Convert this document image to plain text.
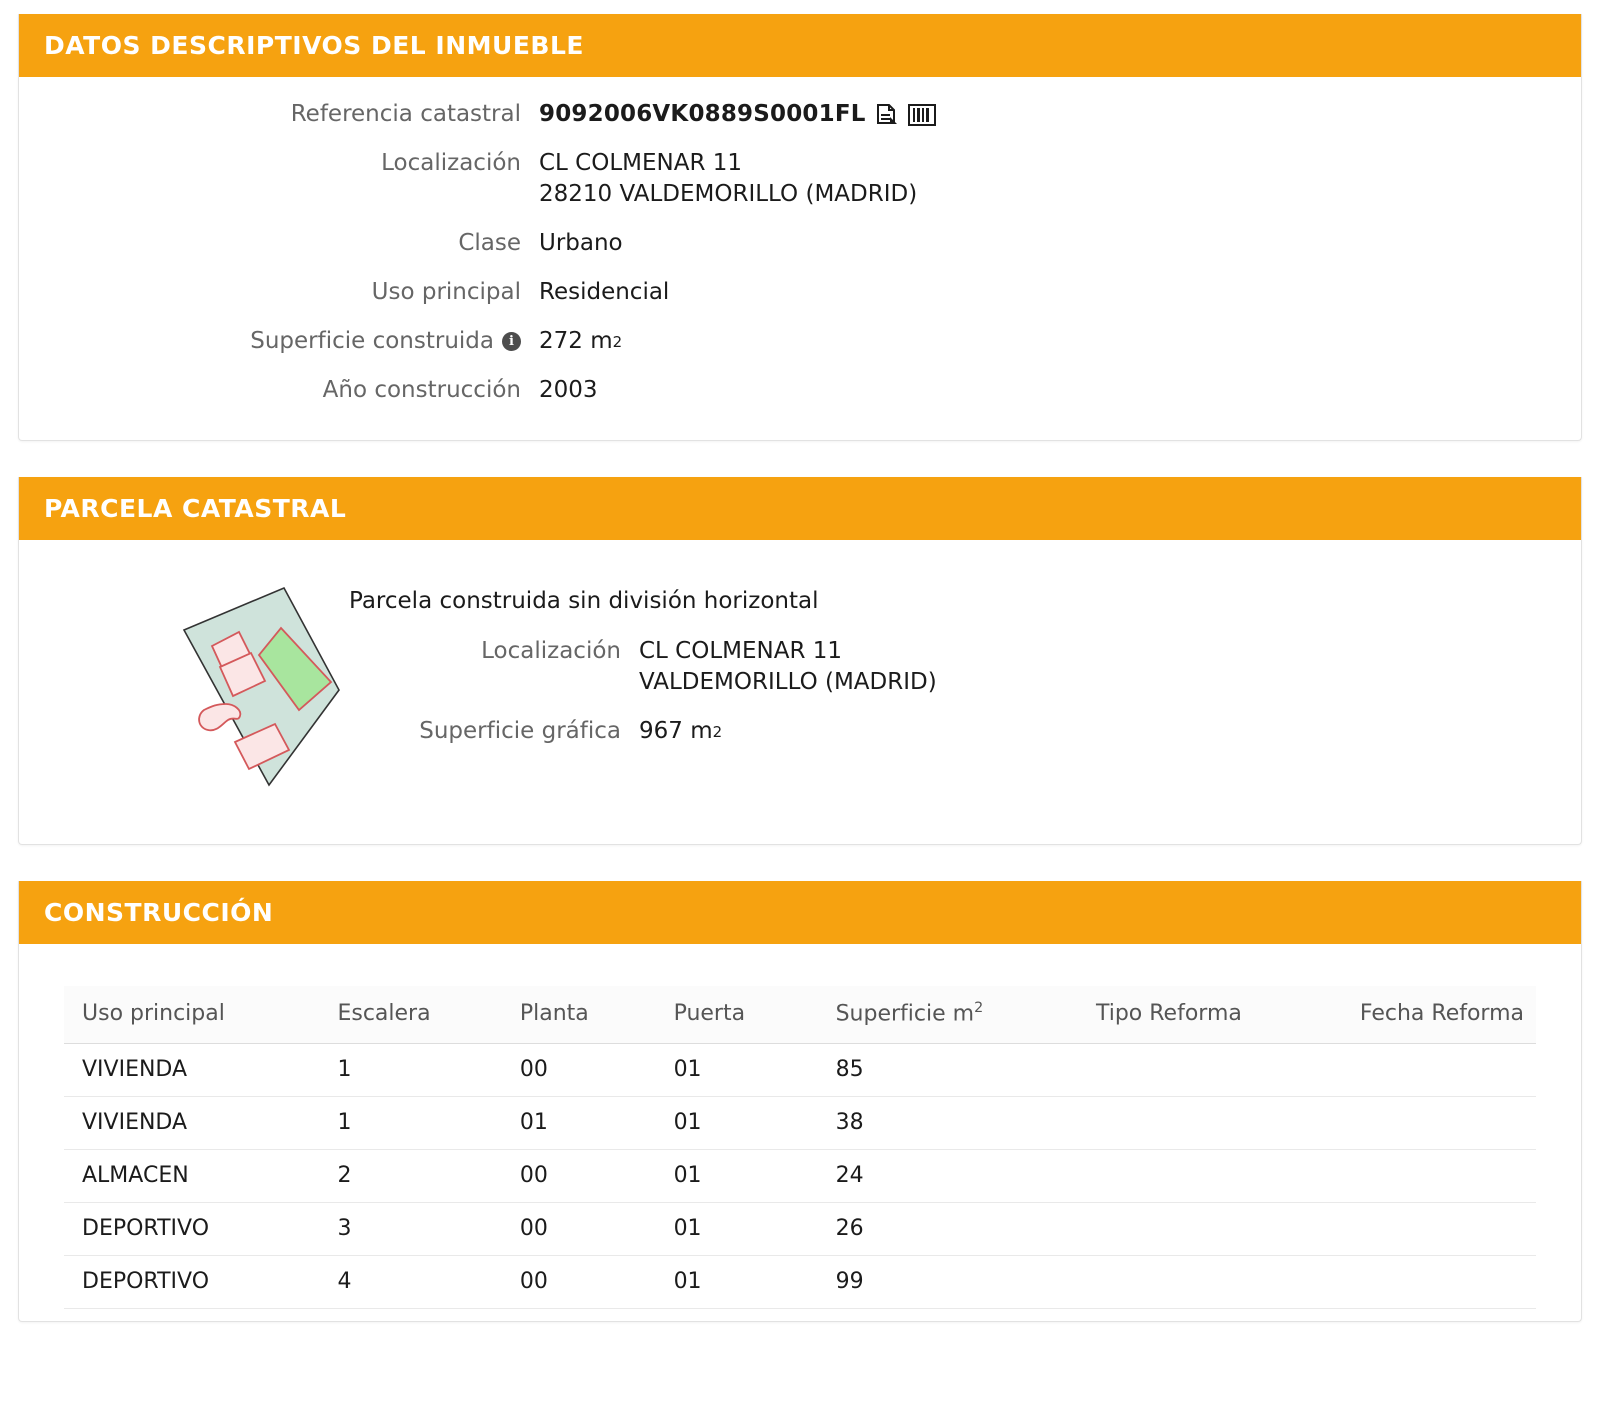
DATOS DESCRIPTIVOS DEL INMUEBLE
Referencia catastral 9092006VK0889S0001FL
Localización CL COLMENAR 11
28210 VALDEMORILLO (MADRID)
Clase Urbano
Uso principal Residencial
Superficie construida i	272 m 2
Año construcción 2003
PARCELA CATASTRAL
Parcela construida sin división horizontal
Localización CL COLMENAR 11
VALDEMORILLO (MADRID)
Superficie gráfica 967 m 2
CONSTRUCCIÓN
Uso principal	Escalera	Planta	Puerta	Superficie $m^2$	Tipo Reforma	Fecha Reforma
VIVIENDA	1	00	01	85		
VIVIENDA	1	01	01	38		
ALMACEN	2	00	01	24		
DEPORTIVO	3	00	01	26		
DEPORTIVO	4	00	01	99		
